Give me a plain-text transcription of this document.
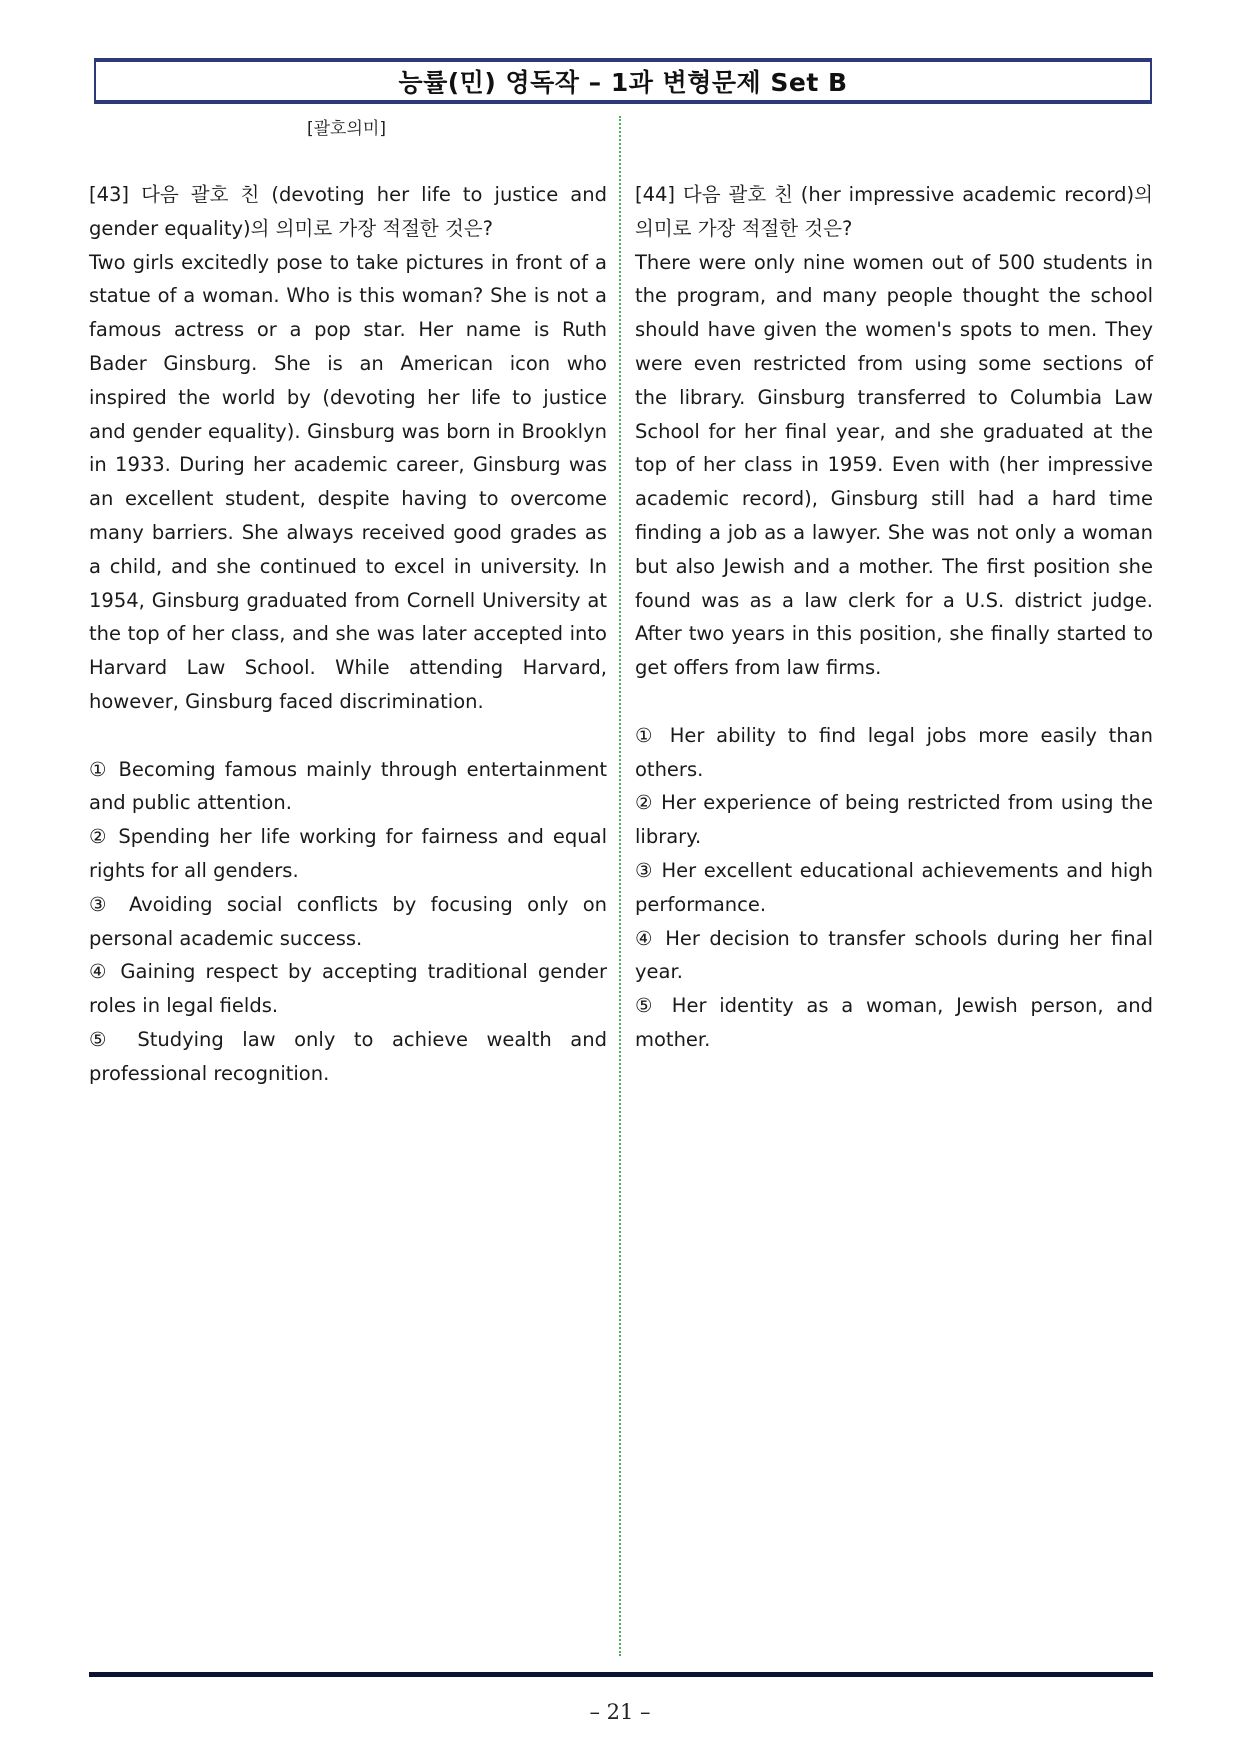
능률(민) 영독작 – 1과 변형문제 Set B
[괄호의미]

[43] 다음 괄호 친 (devoting her life to justice and gender equality)의 의미로 가장 적절한 것은?

Two girls excitedly pose to take pictures in front of a statue of a woman. Who is this woman? She is not a famous actress or a pop star. Her name is Ruth Bader Ginsburg. She is an American icon who inspired the world by (devoting her life to justice and gender equality). Ginsburg was born in Brooklyn in 1933. During her academic career, Ginsburg was an excellent student, despite having to overcome many barriers. She always received good grades as a child, and she continued to excel in university. In 1954, Ginsburg graduated from Cornell University at the top of her class, and she was later accepted into Harvard Law School. While attending Harvard, however, Ginsburg faced discrimination.

① Becoming famous mainly through entertainment and public attention.

② Spending her life working for fairness and equal rights for all genders.

③ Avoiding social conflicts by focusing only on personal academic success.

④ Gaining respect by accepting traditional gender roles in legal fields.

⑤ Studying law only to achieve wealth and professional recognition.

[44] 다음 괄호 친 (her impressive academic record)의 의미로 가장 적절한 것은?

There were only nine women out of 500 students in the program, and many people thought the school should have given the women's spots to men. They were even restricted from using some sections of the library. Ginsburg transferred to Columbia Law School for her final year, and she graduated at the top of her class in 1959. Even with (her impressive academic record), Ginsburg still had a hard time finding a job as a lawyer. She was not only a woman but also Jewish and a mother. The first position she found was as a law clerk for a U.S. district judge. After two years in this position, she finally started to get offers from law firms.

① Her ability to find legal jobs more easily than others.

② Her experience of being restricted from using the library.

③ Her excellent educational achievements and high performance.

④ Her decision to transfer schools during her final year.

⑤ Her identity as a woman, Jewish person, and mother.

– 21 –
